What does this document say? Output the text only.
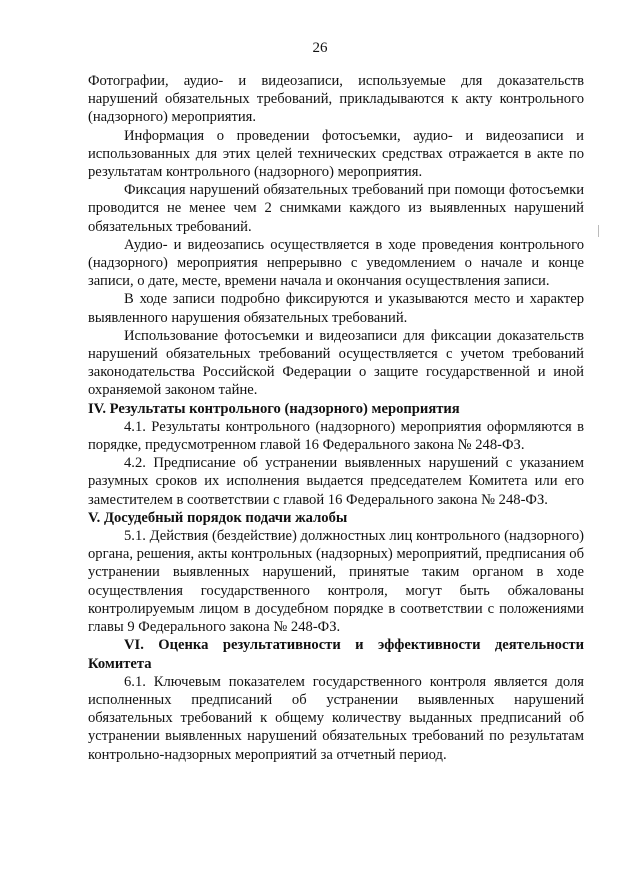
26

Фотографии, аудио- и видеозаписи, используемые для доказательств нарушений обязательных требований, прикладываются к акту контрольного (надзорного) мероприятия.

Информация о проведении фотосъемки, аудио- и видеозаписи и использованных для этих целей технических средствах отражается в акте по результатам контрольного (надзорного) мероприятия.

Фиксация нарушений обязательных требований при помощи фотосъемки проводится не менее чем 2 снимками каждого из выявленных нарушений обязательных требований.

Аудио- и видеозапись осуществляется в ходе проведения контрольного (надзорного) мероприятия непрерывно с уведомлением о начале и конце записи, о дате, месте, времени начала и окончания осуществления записи.

В ходе записи подробно фиксируются и указываются место и характер выявленного нарушения обязательных требований.

Использование фотосъемки и видеозаписи для фиксации доказательств нарушений обязательных требований осуществляется с учетом требований законодательства Российской Федерации о защите государственной и иной охраняемой законом тайне.

IV. Результаты контрольного (надзорного) мероприятия

4.1. Результаты контрольного (надзорного) мероприятия оформляются в порядке, предусмотренном главой 16 Федерального закона № 248-ФЗ.

4.2. Предписание об устранении выявленных нарушений с указанием разумных сроков их исполнения выдается председателем Комитета или его заместителем в соответствии с главой 16 Федерального закона № 248-ФЗ.

V. Досудебный порядок подачи жалобы

5.1. Действия (бездействие) должностных лиц контрольного (надзорного) органа, решения, акты контрольных (надзорных) мероприятий, предписания об устранении выявленных нарушений, принятые таким органом в ходе осуществления государственного контроля, могут быть обжалованы контролируемым лицом в досудебном порядке в соответствии с положениями главы 9 Федерального закона № 248-ФЗ.

VI. Оценка результативности и эффективности деятельности Комитета

6.1. Ключевым показателем государственного контроля является доля исполненных предписаний об устранении выявленных нарушений обязательных требований к общему количеству выданных предписаний об устранении выявленных нарушений обязательных требований по результатам контрольно-надзорных мероприятий за отчетный период.
